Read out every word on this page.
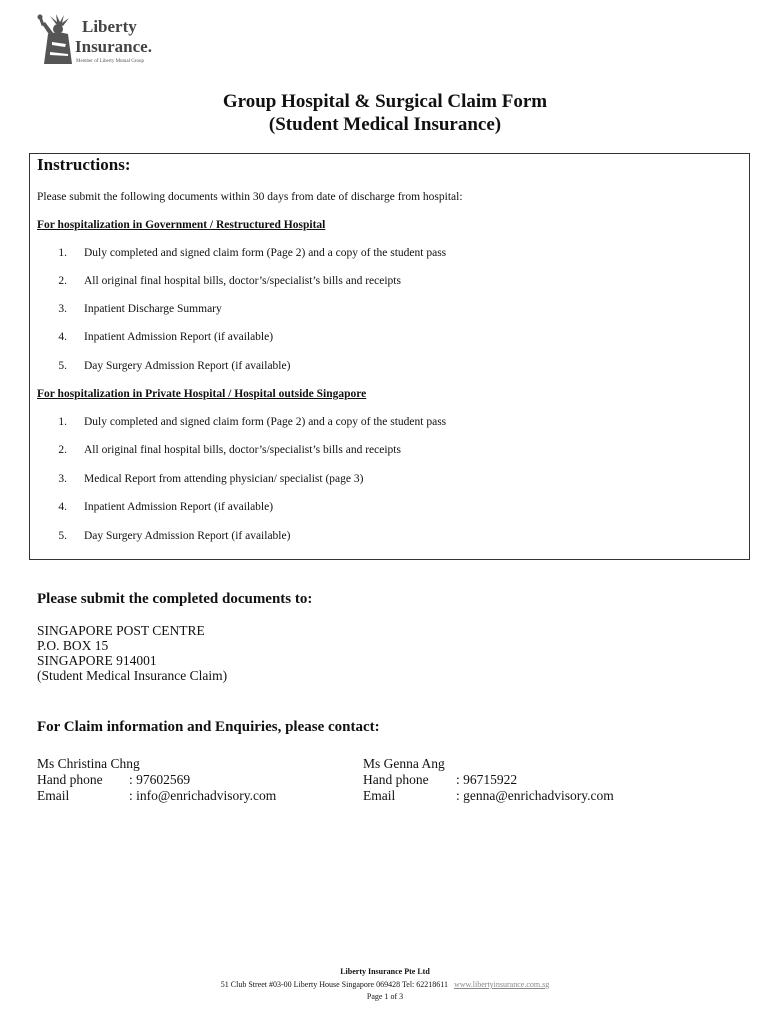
Liberty
Insurance.
Member of Liberty Mutual Group
Group Hospital & Surgical Claim Form
(Student Medical Insurance)
Instructions:
Please submit the following documents within 30 days from date of discharge from hospital:
For hospitalization in Government / Restructured Hospital
1. Duly completed and signed claim form (Page 2) and a copy of the student pass
2. All original final hospital bills, doctor’s/specialist’s bills and receipts
3. Inpatient Discharge Summary
4. Inpatient Admission Report (if available)
5. Day Surgery Admission Report (if available)
For hospitalization in Private Hospital / Hospital outside Singapore
1. Duly completed and signed claim form (Page 2) and a copy of the student pass
2. All original final hospital bills, doctor’s/specialist’s bills and receipts
3. Medical Report from attending physician/ specialist (page 3)
4. Inpatient Admission Report (if available)
5. Day Surgery Admission Report (if available)
Please submit the completed documents to:
SINGAPORE POST CENTRE
P.O. BOX 15
SINGAPORE 914001
(Student Medical Insurance Claim)
For Claim information and Enquiries, please contact:
Ms Christina Chng
Hand phone : 97602569
Email	: info@enrichadvisory.com
Ms Genna Ang
Hand phone : 96715922
Email	: genna@enrichadvisory.com
Liberty Insurance Pte Ltd
51 Club Street #03-00 Liberty House Singapore 069428 Tel: 62218611 www.libertyinsurance.com.sg
Page 1 of 3
